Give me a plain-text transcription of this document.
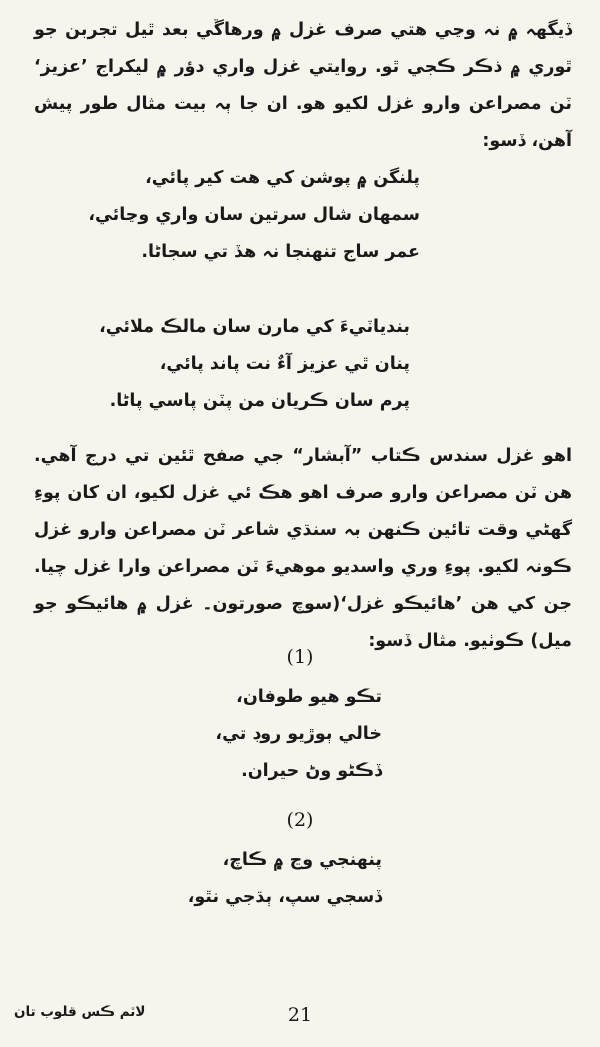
ڏيگھہ ۾ نہ وڃي ھتي صرف غزل ۾ ورھاڱي بعد ٿيل تجربن جو ٿوري ۾ ذڪر ڪجي ٿو. روايتي غزل واري دؤر ۾ ليکراج ’عزيز‘ ٽن مصراعن وارو غزل لکيو ھو. ان جا ٻہ بيت مثال طور پيش آھن، ڏسو:
پلنگن ۾ پوشن کي ھت کير پائي،
سمھان شال سرتين سان واري وڃائي،
عمر ساج تنھنجا نہ ھڏ تي سجاڻا.
بندياٽيءَ کي مارن سان مالڪ ملائي،
پنان ٿي عزيز آءٌ نت پاند پائي،
پرم سان ڪريان من پٽن پاسي پاڻا.
اھو غزل سندس ڪتاب ”آبشار“ جي صفح ٿئين تي درج آھي. ھن ٽن مصراعن وارو صرف اھو ھڪ ئي غزل لکيو، ان کان پوءِ گھڻي وقت تائين ڪنھن بہ سنڌي شاعر ٽن مصراعن وارو غزل ڪونہ لکيو. پوءِ وري واسديو موھيءَ ٽن مصراعن وارا غزل چيا. جن کي ھن ’ھائيڪو غزل‘(سوچ صورتون۔ غزل ۾ ھائيڪو جو ميل) ڪوٺيو. مثال ڏسو:
(1)
تڪو ھيو طوفان،
خالي ٻوڙيو روڊ تي،
ڏڪڻو وڻ حيران.
(2)
پنھنجي وڃ ۾ ڪاچ،
ڏسجي سپ، ٻڌجي نٿو،
21
لاٽم ڪس قلوب تان
